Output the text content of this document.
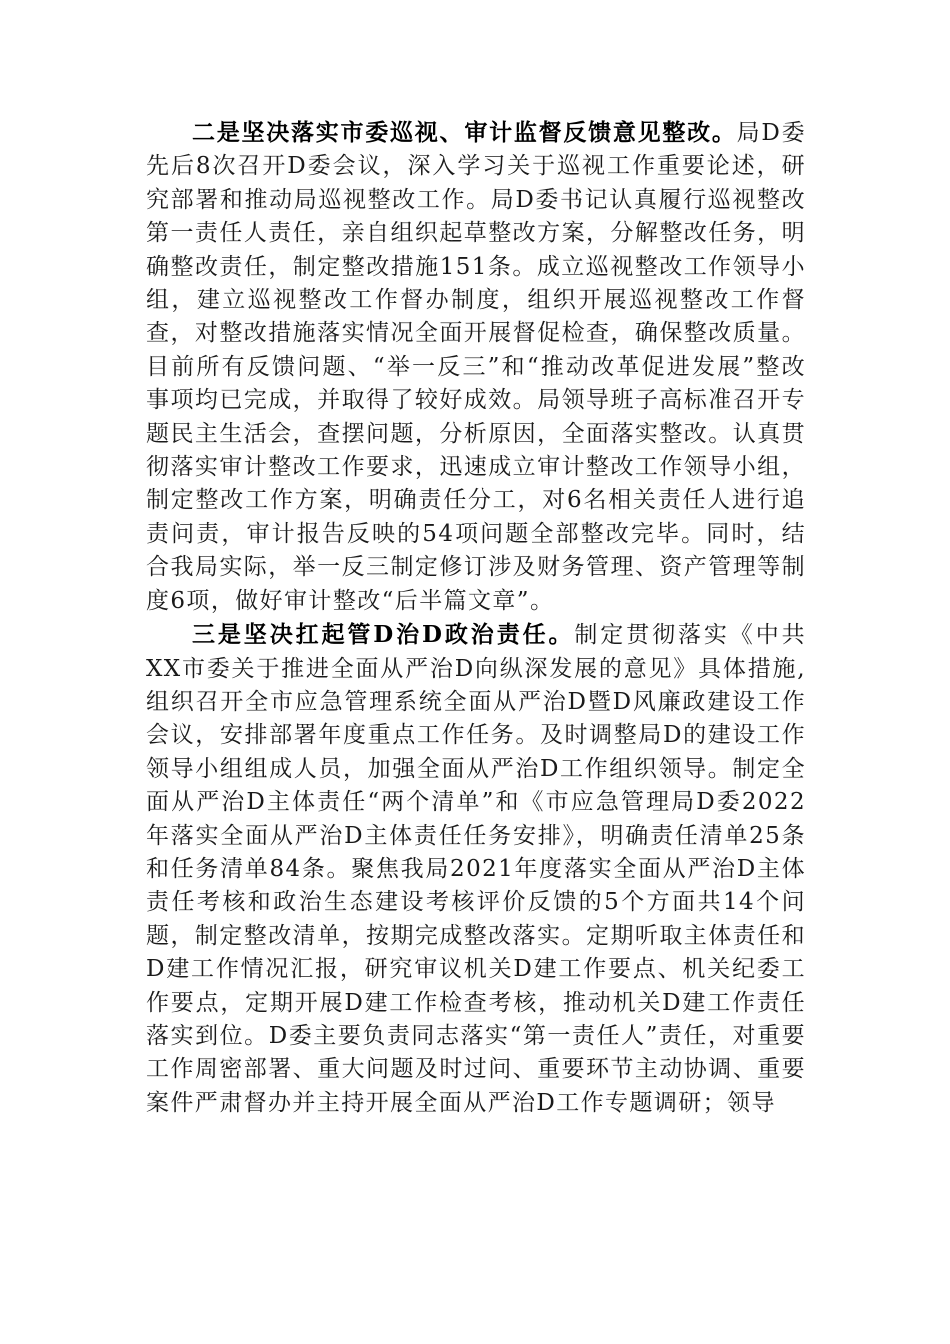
二是坚决落实市委巡视、审计监督反馈意见整改。局D委先后8次召开D委会议，深入学习关于巡视工作重要论述，研究部署和推动局巡视整改工作。局D委书记认真履行巡视整改第一责任人责任，亲自组织起草整改方案，分解整改任务，明确整改责任，制定整改措施151条。成立巡视整改工作领导小组，建立巡视整改工作督办制度，组织开展巡视整改工作督查，对整改措施落实情况全面开展督促检查，确保整改质量。目前所有反馈问题、“举一反三”和“推动改革促进发展”整改事项均已完成，并取得了较好成效。局领导班子高标准召开专题民主生活会，查摆问题，分析原因，全面落实整改。认真贯彻落实审计整改工作要求，迅速成立审计整改工作领导小组，制定整改工作方案，明确责任分工，对6名相关责任人进行追责问责，审计报告反映的54项问题全部整改完毕。同时，结合我局实际，举一反三制定修订涉及财务管理、资产管理等制度6项，做好审计整改“后半篇文章”。

三是坚决扛起管D治D政治责任。制定贯彻落实《中共XX市委关于推进全面从严治D向纵深发展的意见》具体措施,组织召开全市应急管理系统全面从严治D暨D风廉政建设工作会议，安排部署年度重点工作任务。及时调整局D的建设工作领导小组组成人员，加强全面从严治D工作组织领导。制定全面从严治D主体责任“两个清单”和《市应急管理局D委2022年落实全面从严治D主体责任任务安排》，明确责任清单25条和任务清单84条。聚焦我局2021年度落实全面从严治D主体责任考核和政治生态建设考核评价反馈的5个方面共14个问题，制定整改清单，按期完成整改落实。定期听取主体责任和D建工作情况汇报，研究审议机关D建工作要点、机关纪委工作要点，定期开展D建工作检查考核，推动机关D建工作责任落实到位。D委主要负责同志落实“第一责任人”责任，对重要工作周密部署、重大问题及时过问、重要环节主动协调、重要案件严肃督办并主持开展全面从严治D工作专题调研；领导
